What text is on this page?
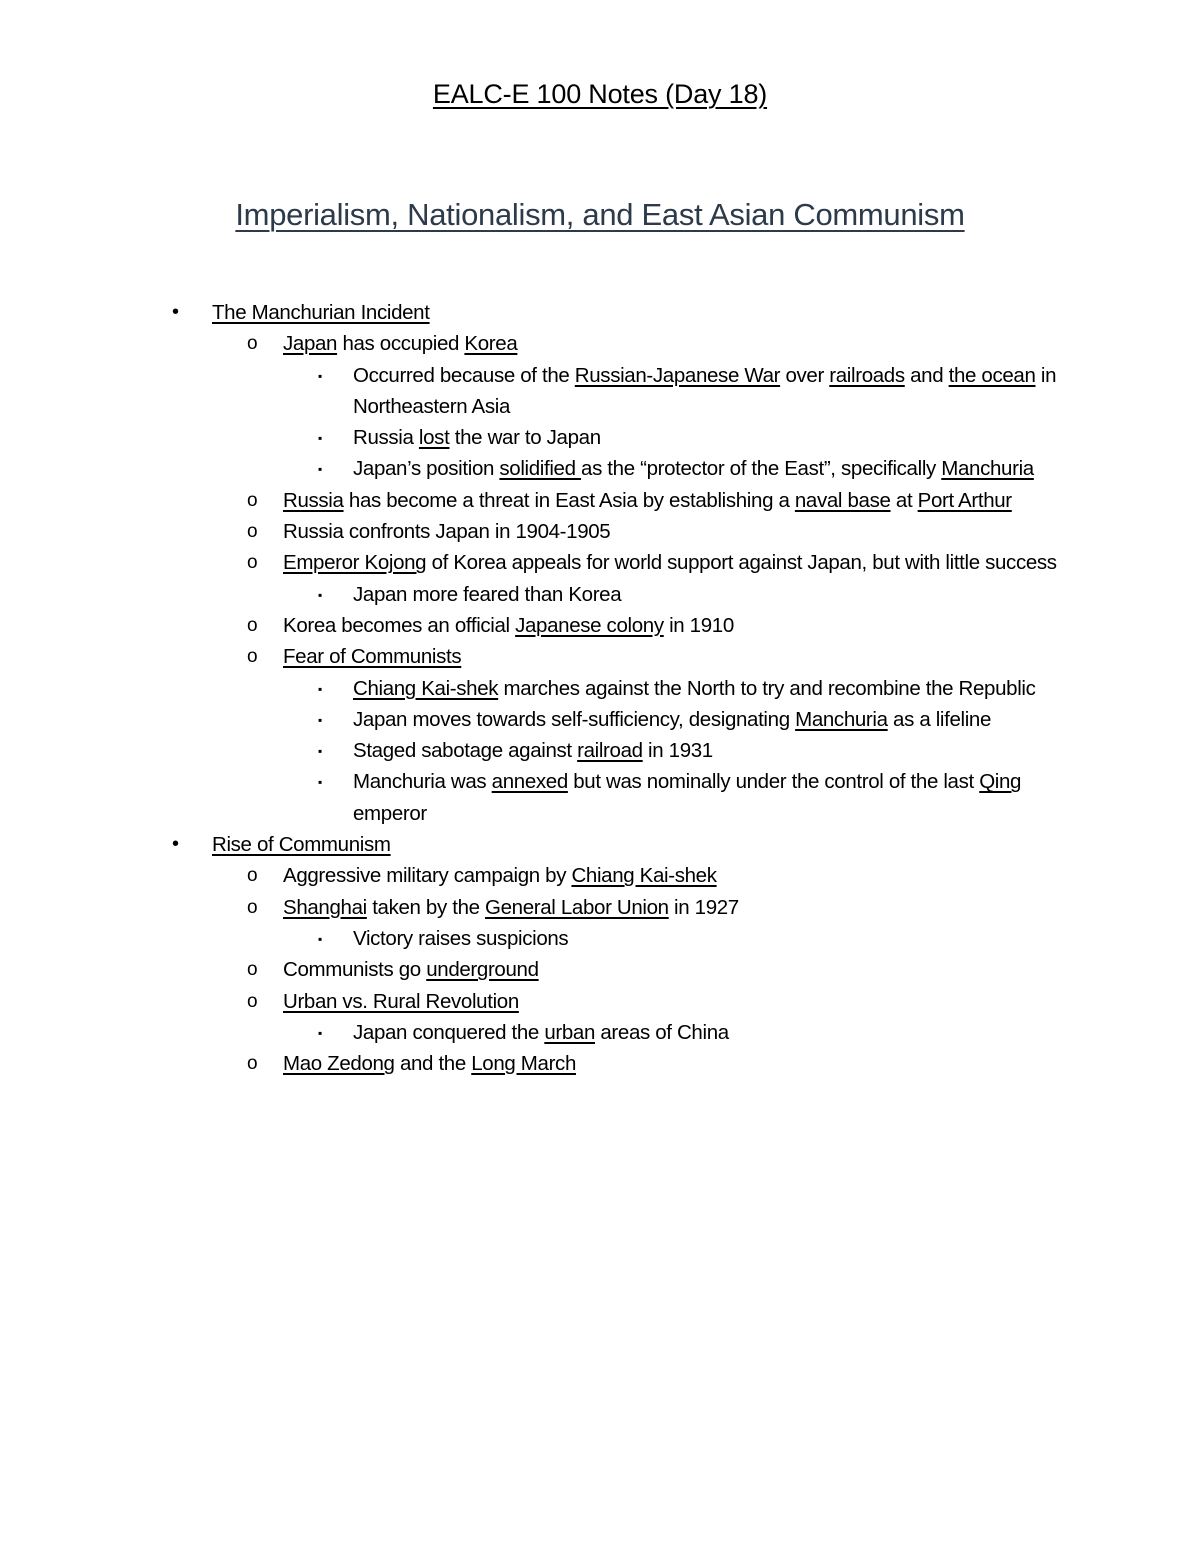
EALC-E 100 Notes (Day 18)
Imperialism, Nationalism, and East Asian Communism
• The Manchurian Incident
o Japan has occupied Korea
▪ Occurred because of the Russian-Japanese War over railroads and the ocean in Northeastern Asia
▪ Russia lost the war to Japan
▪ Japan’s position solidified as the “protector of the East”, specifically Manchuria
o Russia has become a threat in East Asia by establishing a naval base at Port Arthur
o Russia confronts Japan in 1904-1905
o Emperor Kojong of Korea appeals for world support against Japan, but with little success
▪ Japan more feared than Korea
o Korea becomes an official Japanese colony in 1910
o Fear of Communists
▪ Chiang Kai-shek marches against the North to try and recombine the Republic
▪ Japan moves towards self-sufficiency, designating Manchuria as a lifeline
▪ Staged sabotage against railroad in 1931
▪ Manchuria was annexed but was nominally under the control of the last Qing emperor
• Rise of Communism
o Aggressive military campaign by Chiang Kai-shek
o Shanghai taken by the General Labor Union in 1927
▪ Victory raises suspicions
o Communists go underground
o Urban vs. Rural Revolution
▪ Japan conquered the urban areas of China
o Mao Zedong and the Long March
